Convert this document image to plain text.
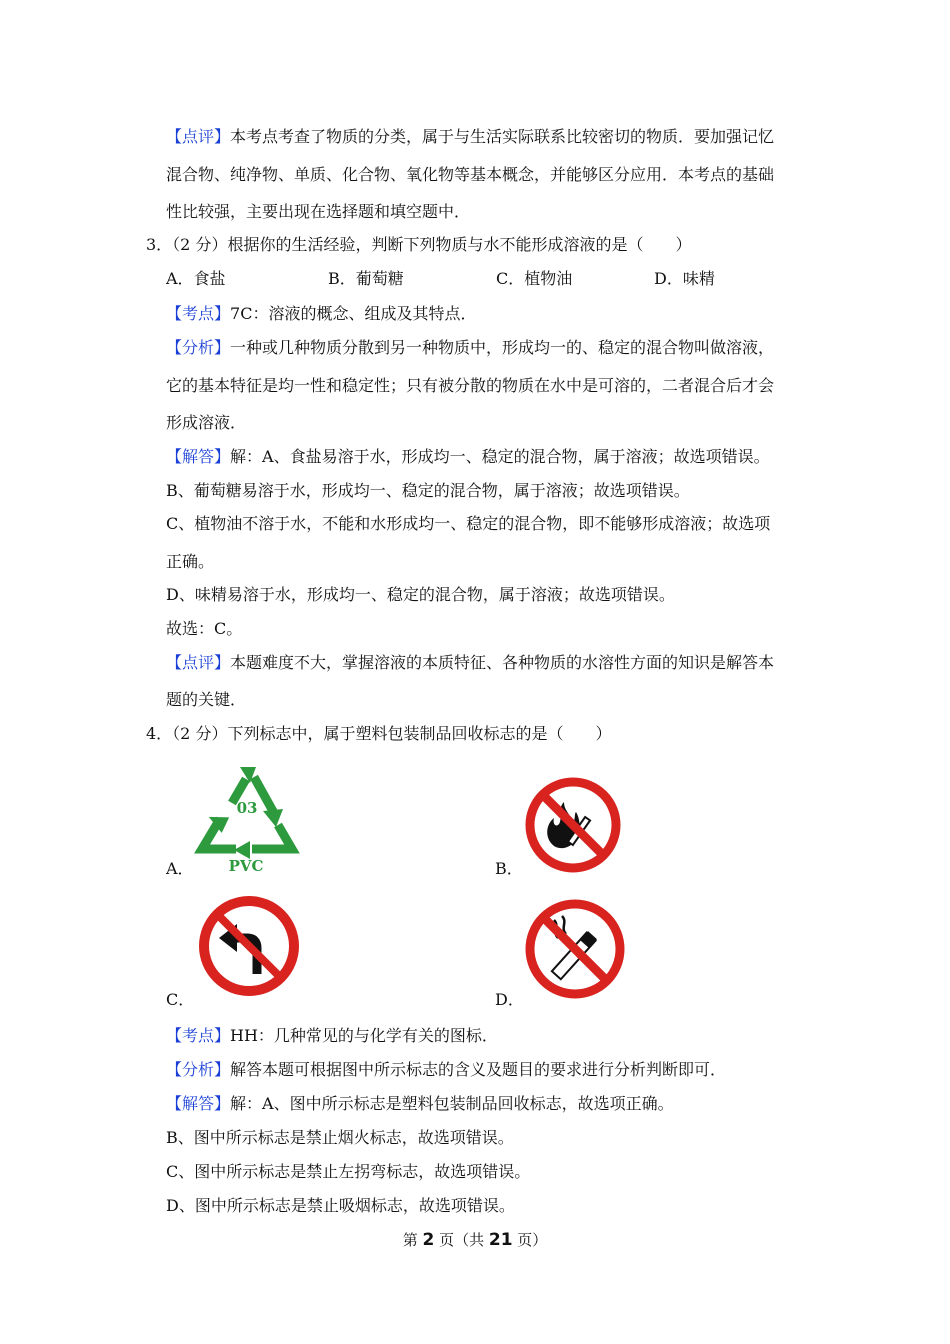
【点评】本考点考查了物质的分类，属于与生活实际联系比较密切的物质．要加强记忆
混合物、纯净物、单质、化合物、氧化物等基本概念，并能够区分应用．本考点的基础
性比较强，主要出现在选择题和填空题中．
3．（2 分）根据你的生活经验，判断下列物质与水不能形成溶液的是（　　）
A．食盐	B．葡萄糖	C．植物油	D．味精
【考点】7C：溶液的概念、组成及其特点．
【分析】一种或几种物质分散到另一种物质中，形成均一的、稳定的混合物叫做溶液，
它的基本特征是均一性和稳定性；只有被分散的物质在水中是可溶的，二者混合后才会
形成溶液．
【解答】解：A、食盐易溶于水，形成均一、稳定的混合物，属于溶液；故选项错误。
B、葡萄糖易溶于水，形成均一、稳定的混合物，属于溶液；故选项错误。
C、植物油不溶于水，不能和水形成均一、稳定的混合物，即不能够形成溶液；故选项
正确。
D、味精易溶于水，形成均一、稳定的混合物，属于溶液；故选项错误。
故选：C。
【点评】本题难度不大，掌握溶液的本质特征、各种物质的水溶性方面的知识是解答本
题的关键．
4．（2 分）下列标志中，属于塑料包装制品回收标志的是（　　）
03
PVC
A．	B．
C．	D．
【考点】HH：几种常见的与化学有关的图标．
【分析】解答本题可根据图中所示标志的含义及题目的要求进行分析判断即可．
【解答】解：A、图中所示标志是塑料包装制品回收标志，故选项正确。
B、图中所示标志是禁止烟火标志，故选项错误。
C、图中所示标志是禁止左拐弯标志，故选项错误。
D、图中所示标志是禁止吸烟标志，故选项错误。
第 2 页（共 21 页）
